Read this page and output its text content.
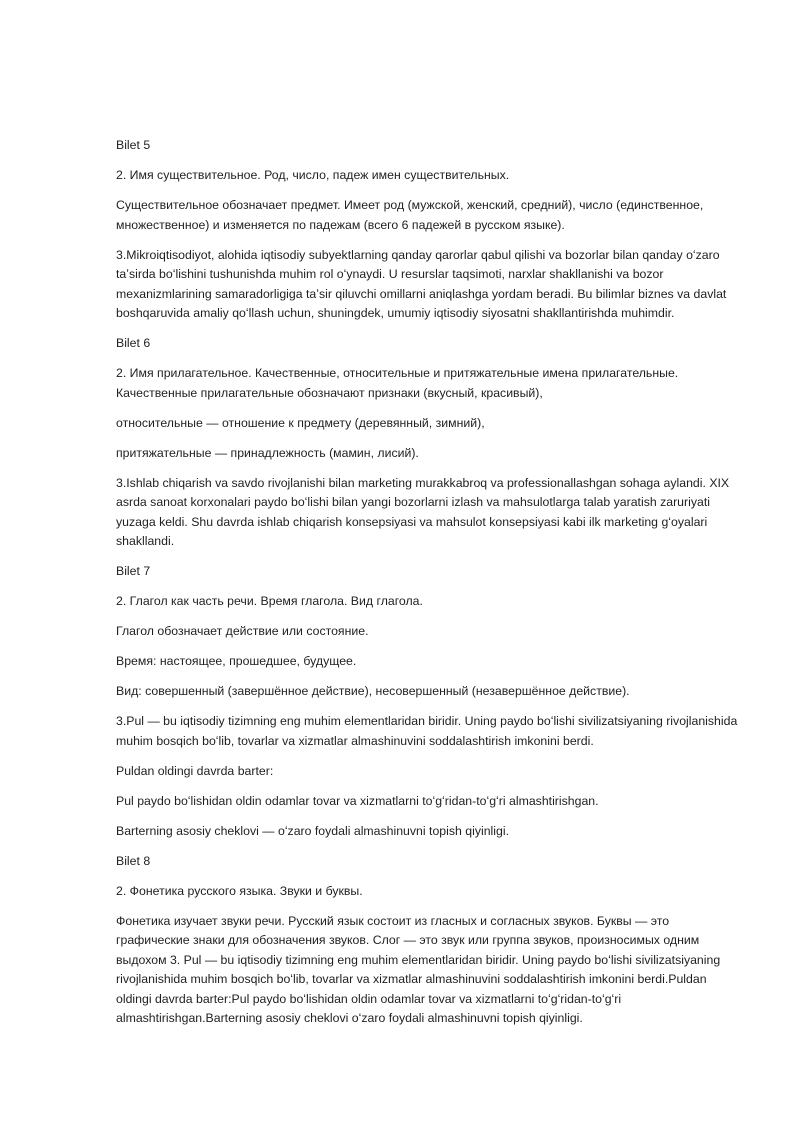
Bilet 5

2. Имя существительное. Род, число, падеж имен существительных.

Существительное обозначает предмет. Имеет род (мужской, женский, средний), число (единственное, множественное) и изменяется по падежам (всего 6 падежей в русском языке).

3.Mikroiqtisodiyot, alohida iqtisodiy subyektlarning qanday qarorlar qabul qilishi va bozorlar bilan qanday oʻzaro taʼsirda boʻlishini tushunishda muhim rol oʻynaydi. U resurslar taqsimoti, narxlar shakllanishi va bozor mexanizmlarining samaradorligiga taʼsir qiluvchi omillarni aniqlashga yordam beradi. Bu bilimlar biznes va davlat boshqaruvida amaliy qoʻllash uchun, shuningdek, umumiy iqtisodiy siyosatni shakllantirishda muhimdir.

Bilet 6

2. Имя прилагательное. Качественные, относительные и притяжательные имена прилагательные. Качественные прилагательные обозначают признаки (вкусный, красивый),

относительные — отношение к предмету (деревянный, зимний),

притяжательные — принадлежность (мамин, лисий).

3.Ishlab chiqarish va savdo rivojlanishi bilan marketing murakkabroq va professionallashgan sohaga aylandi. XIX asrda sanoat korxonalari paydo boʻlishi bilan yangi bozorlarni izlash va mahsulotlarga talab yaratish zaruriyati yuzaga keldi. Shu davrda ishlab chiqarish konsepsiyasi va mahsulot konsepsiyasi kabi ilk marketing gʻoyalari shakllandi.

Bilet 7

2. Глагол как часть речи. Время глагола. Вид глагола.

Глагол обозначает действие или состояние.

Время: настоящее, прошедшее, будущее.

Вид: совершенный (завершённое действие), несовершенный (незавершённое действие).

3.Pul — bu iqtisodiy tizimning eng muhim elementlaridan biridir. Uning paydo boʻlishi sivilizatsiyaning rivojlanishida muhim bosqich boʻlib, tovarlar va xizmatlar almashinuvini soddalashtirish imkonini berdi.

Puldan oldingi davrda barter:

Pul paydo boʻlishidan oldin odamlar tovar va xizmatlarni toʻgʻridan-toʻgʻri almashtirishgan.

Barterning asosiy cheklovi — oʻzaro foydali almashinuvni topish qiyinligi.

Bilet 8

2. Фонетика русского языка. Звуки и буквы.

Фонетика изучает звуки речи. Русский язык состоит из гласных и согласных звуков. Буквы — это графические знаки для обозначения звуков. Слог — это звук или группа звуков, произносимых одним выдохом 3. Pul — bu iqtisodiy tizimning eng muhim elementlaridan biridir. Uning paydo boʻlishi sivilizatsiyaning rivojlanishida muhim bosqich boʻlib, tovarlar va xizmatlar almashinuvini soddalashtirish imkonini berdi.Puldan oldingi davrda barter:Pul paydo boʻlishidan oldin odamlar tovar va xizmatlarni toʻgʻridan-toʻgʻri almashtirishgan.Barterning asosiy cheklovi oʻzaro foydali almashinuvni topish qiyinligi.
